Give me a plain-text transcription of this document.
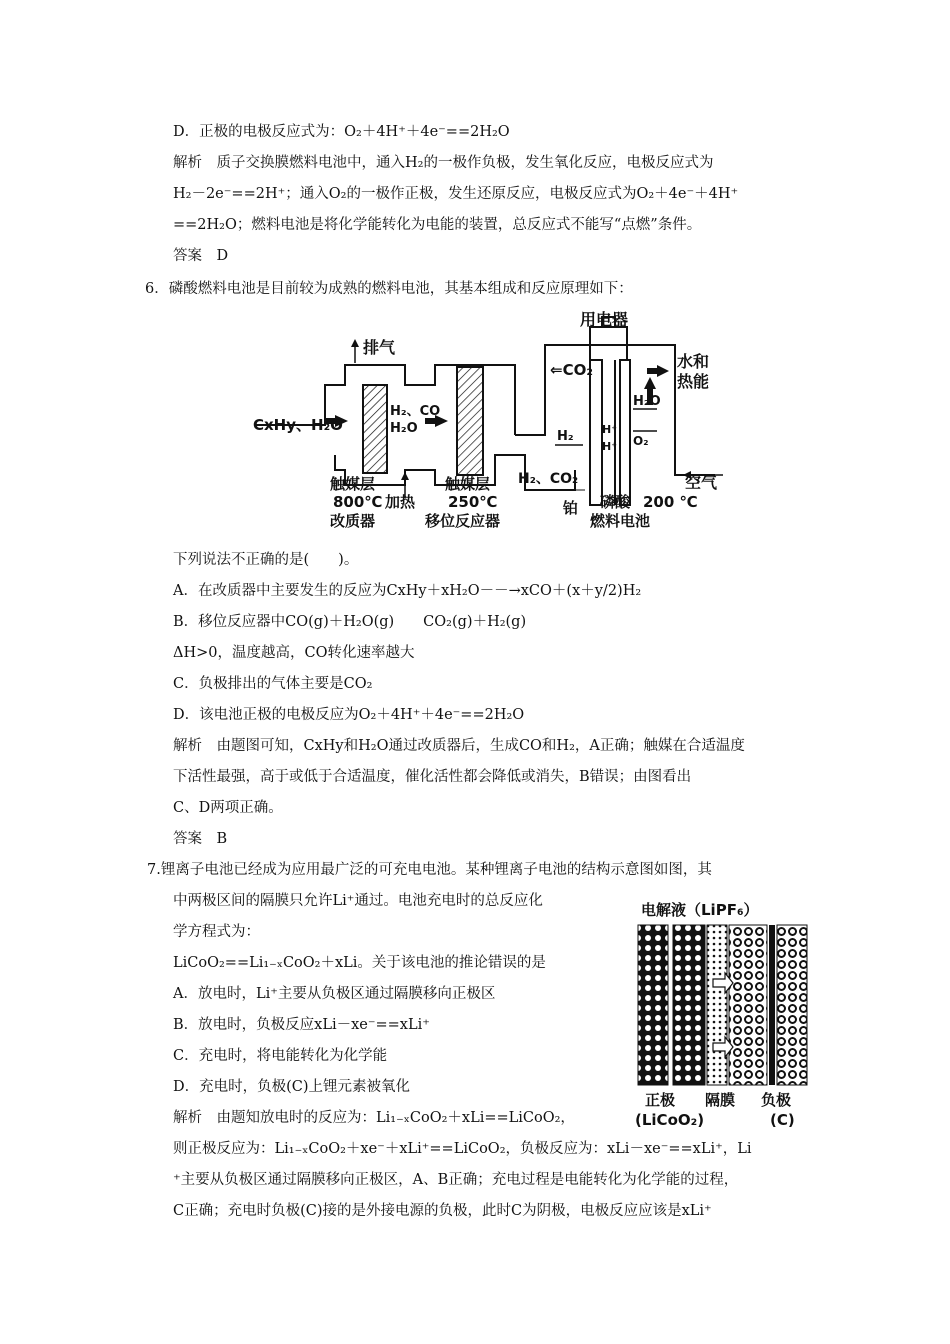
D．正极的电极反应式为：O₂＋4H⁺＋4e⁻==2H₂O
解析　质子交换膜燃料电池中，通入H₂的一极作负极，发生氧化反应，电极反应式为
H₂－2e⁻==2H⁺；通入O₂的一极作正极，发生还原反应，电极反应式为O₂＋4e⁻＋4H⁺
==2H₂O；燃料电池是将化学能转化为电能的装置，总反应式不能写“点燃”条件。
答案　D
6．磷酸燃料电池是目前较为成熟的燃料电池，其基本组成和反应原理如下：
用电器
排气
水和
热能
⇐CO₂
CxHy、H₂O
H₂、CO
H₂O
H₂、CO₂
H₂	H⁺
H⁺
H₂O
O₂
空气
触媒层
800℃
改质器
加热
触媒层
250℃
移位反应器
铂 磷酸
燃料电池
200 ℃
下列说法不正确的是(　　)。
A．在改质器中主要发生的反应为CxHy＋xH₂O－－→xCO＋(x＋y/2)H₂
B．移位反应器中CO(g)＋H₂O(g)　　CO₂(g)＋H₂(g)
ΔH>0，温度越高，CO转化速率越大
C．负极排出的气体主要是CO₂
D．该电池正极的电极反应为O₂＋4H⁺＋4e⁻==2H₂O
解析　由题图可知，CxHy和H₂O通过改质器后，生成CO和H₂，A正确；触媒在合适温度
下活性最强，高于或低于合适温度，催化活性都会降低或消失，B错误；由图看出
C、D两项正确。
答案　B
7.锂离子电池已经成为应用最广泛的可充电电池。某种锂离子电池的结构示意图如图，其
中两极区间的隔膜只允许Li⁺通过。电池充电时的总反应化
学方程式为：
LiCoO₂==Li₁₋ₓCoO₂＋xLi。关于该电池的推论错误的是
A．放电时，Li⁺主要从负极区通过隔膜移向正极区
B．放电时，负极反应xLi－xe⁻==xLi⁺
C．充电时，将电能转化为化学能
D．充电时，负极(C)上锂元素被氧化
解析　由题知放电时的反应为：Li₁₋ₓCoO₂＋xLi==LiCoO₂，
则正极反应为：Li₁₋ₓCoO₂＋xe⁻＋xLi⁺==LiCoO₂，负极反应为：xLi－xe⁻==xLi⁺，Li
⁺主要从负极区通过隔膜移向正极区，A、B正确；充电过程是电能转化为化学能的过程，
C正确；充电时负极(C)接的是外接电源的负极，此时C为阴极，电极反应应该是xLi⁺
电解液（LiPF₆）
正极
(LiCoO₂)
隔膜 负极
(C)
